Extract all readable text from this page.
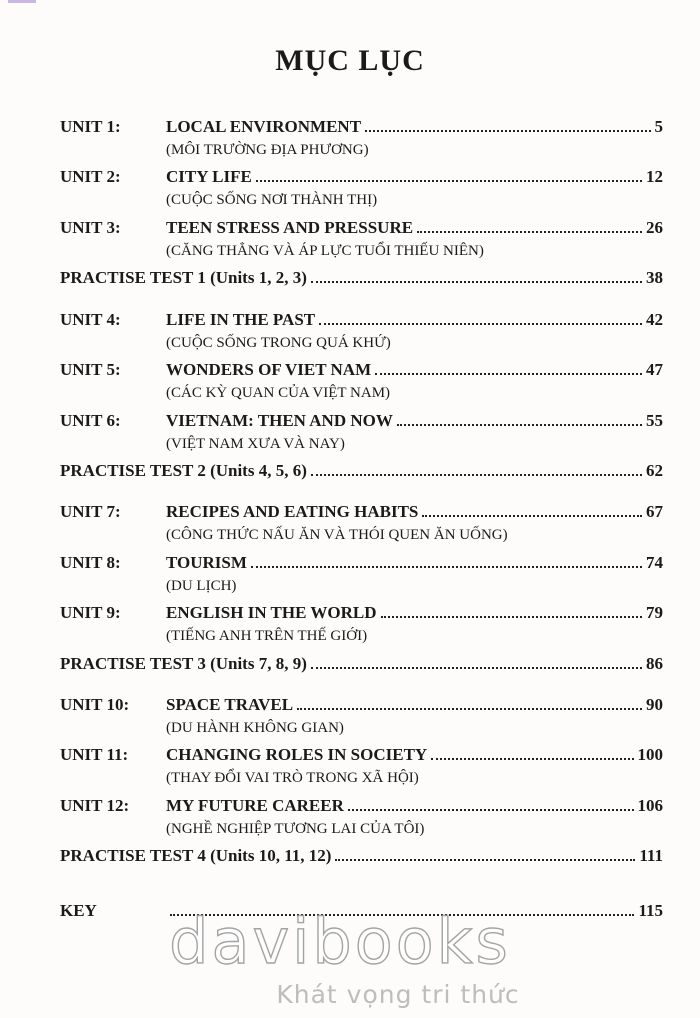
MỤC LỤC
UNIT 1:	LOCAL ENVIRONMENT	5
(MÔI TRƯỜNG ĐỊA PHƯƠNG)
UNIT 2:	CITY LIFE	12
(CUỘC SỐNG NƠI THÀNH THỊ)
UNIT 3:	TEEN STRESS AND PRESSURE	26
(CĂNG THẲNG VÀ ÁP LỰC TUỔI THIẾU NIÊN)
PRACTISE TEST 1 (Units 1, 2, 3)	38
UNIT 4:	LIFE IN THE PAST	42
(CUỘC SỐNG TRONG QUÁ KHỨ)
UNIT 5:	WONDERS OF VIET NAM	47
(CÁC KỲ QUAN CỦA VIỆT NAM)
UNIT 6:	VIETNAM: THEN AND NOW	55
(VIỆT NAM XƯA VÀ NAY)
PRACTISE TEST 2 (Units 4, 5, 6)	62
UNIT 7:	RECIPES AND EATING HABITS	67
(CÔNG THỨC NẤU ĂN VÀ THÓI QUEN ĂN UỐNG)
UNIT 8:	TOURISM	74
(DU LỊCH)
UNIT 9:	ENGLISH IN THE WORLD	79
(TIẾNG ANH TRÊN THẾ GIỚI)
PRACTISE TEST 3 (Units 7, 8, 9)	86
UNIT 10:	SPACE TRAVEL	90
(DU HÀNH KHÔNG GIAN)
UNIT 11:	CHANGING ROLES IN SOCIETY	100
(THAY ĐỔI VAI TRÒ TRONG XÃ HỘI)
UNIT 12:	MY FUTURE CAREER	106
(NGHỀ NGHIỆP TƯƠNG LAI CỦA TÔI)
PRACTISE TEST 4 (Units 10, 11, 12)	111
KEY	115
davibooks
Khát vọng tri thức
